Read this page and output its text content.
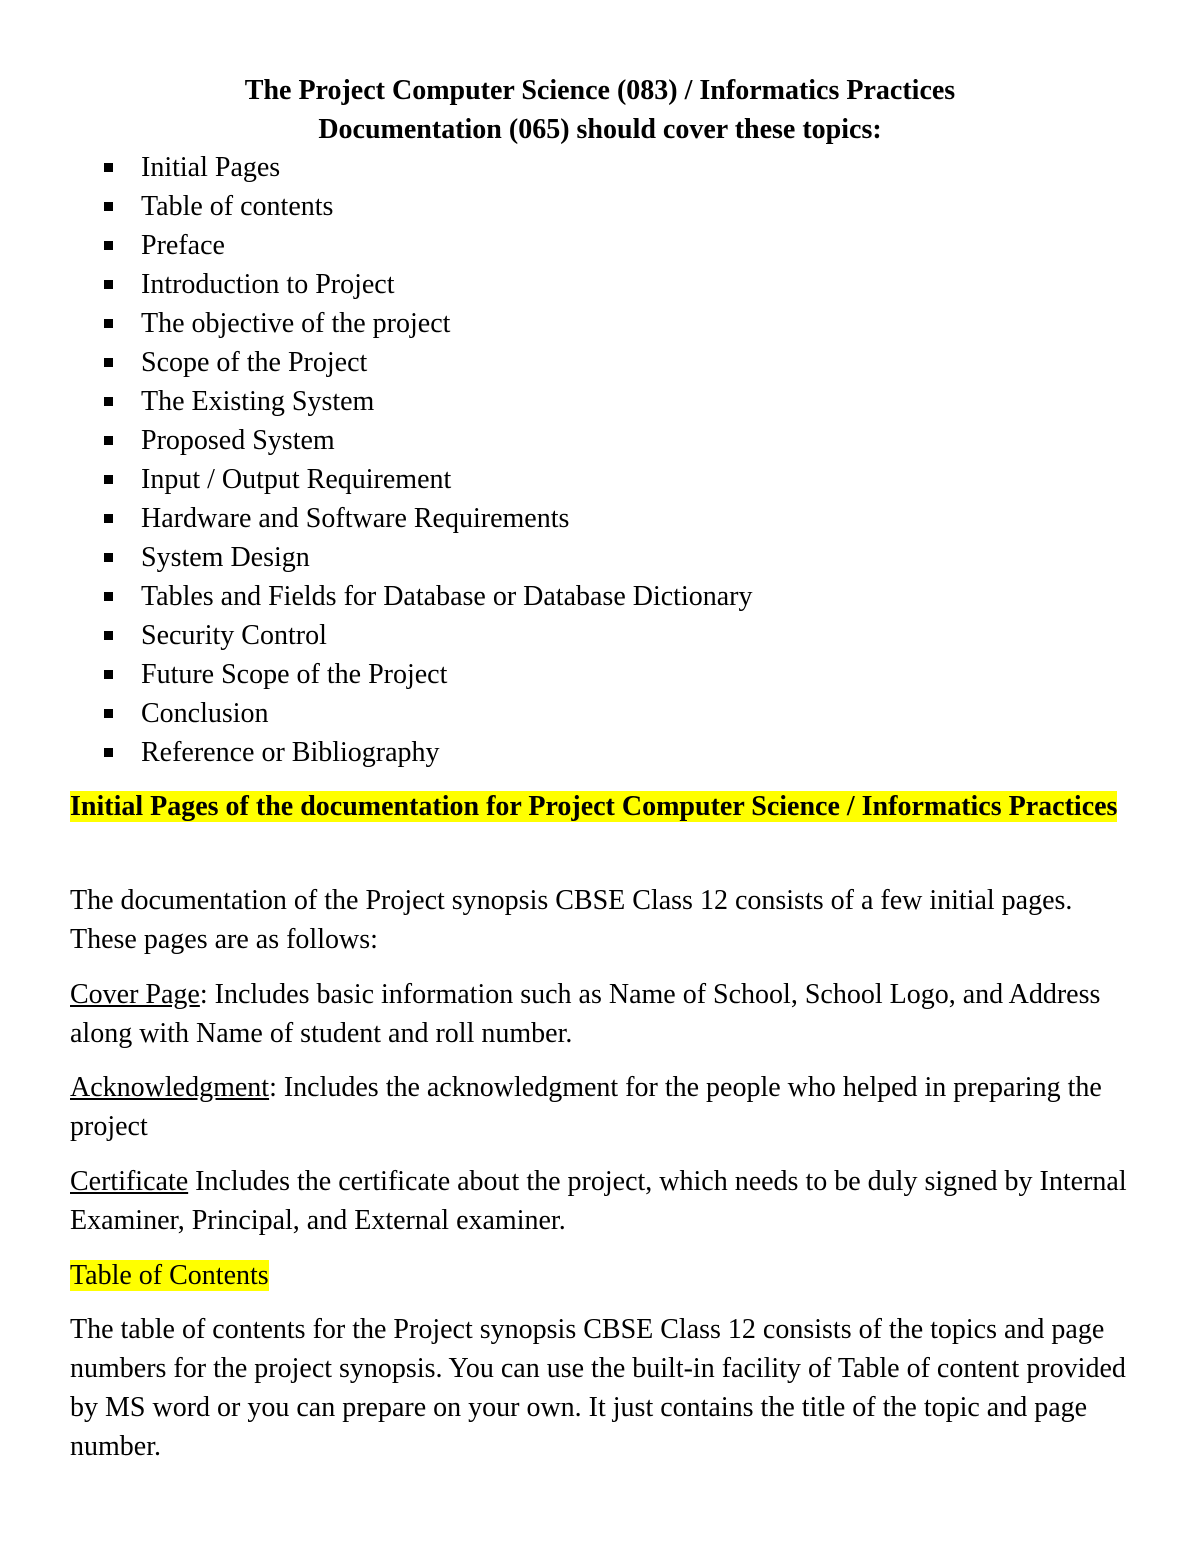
The Project Computer Science (083) / Informatics Practices

Documentation (065) should cover these topics:

Initial Pages
Table of contents
Preface
Introduction to Project
The objective of the project
Scope of the Project
The Existing System
Proposed System
Input / Output Requirement
Hardware and Software Requirements
System Design
Tables and Fields for Database or Database Dictionary
Security Control
Future Scope of the Project
Conclusion
Reference or Bibliography

Initial Pages of the documentation for Project Computer Science / Informatics Practices

The documentation of the Project synopsis CBSE Class 12 consists of a few initial pages. These pages are as follows:

Cover Page: Includes basic information such as Name of School, School Logo, and Address along with Name of student and roll number.

Acknowledgment: Includes the acknowledgment for the people who helped in preparing the project

Certificate Includes the certificate about the project, which needs to be duly signed by Internal Examiner, Principal, and External examiner.

Table of Contents

The table of contents for the Project synopsis CBSE Class 12 consists of the topics and page numbers for the project synopsis. You can use the built-in facility of Table of content provided by MS word or you can prepare on your own. It just contains the title of the topic and page number.
